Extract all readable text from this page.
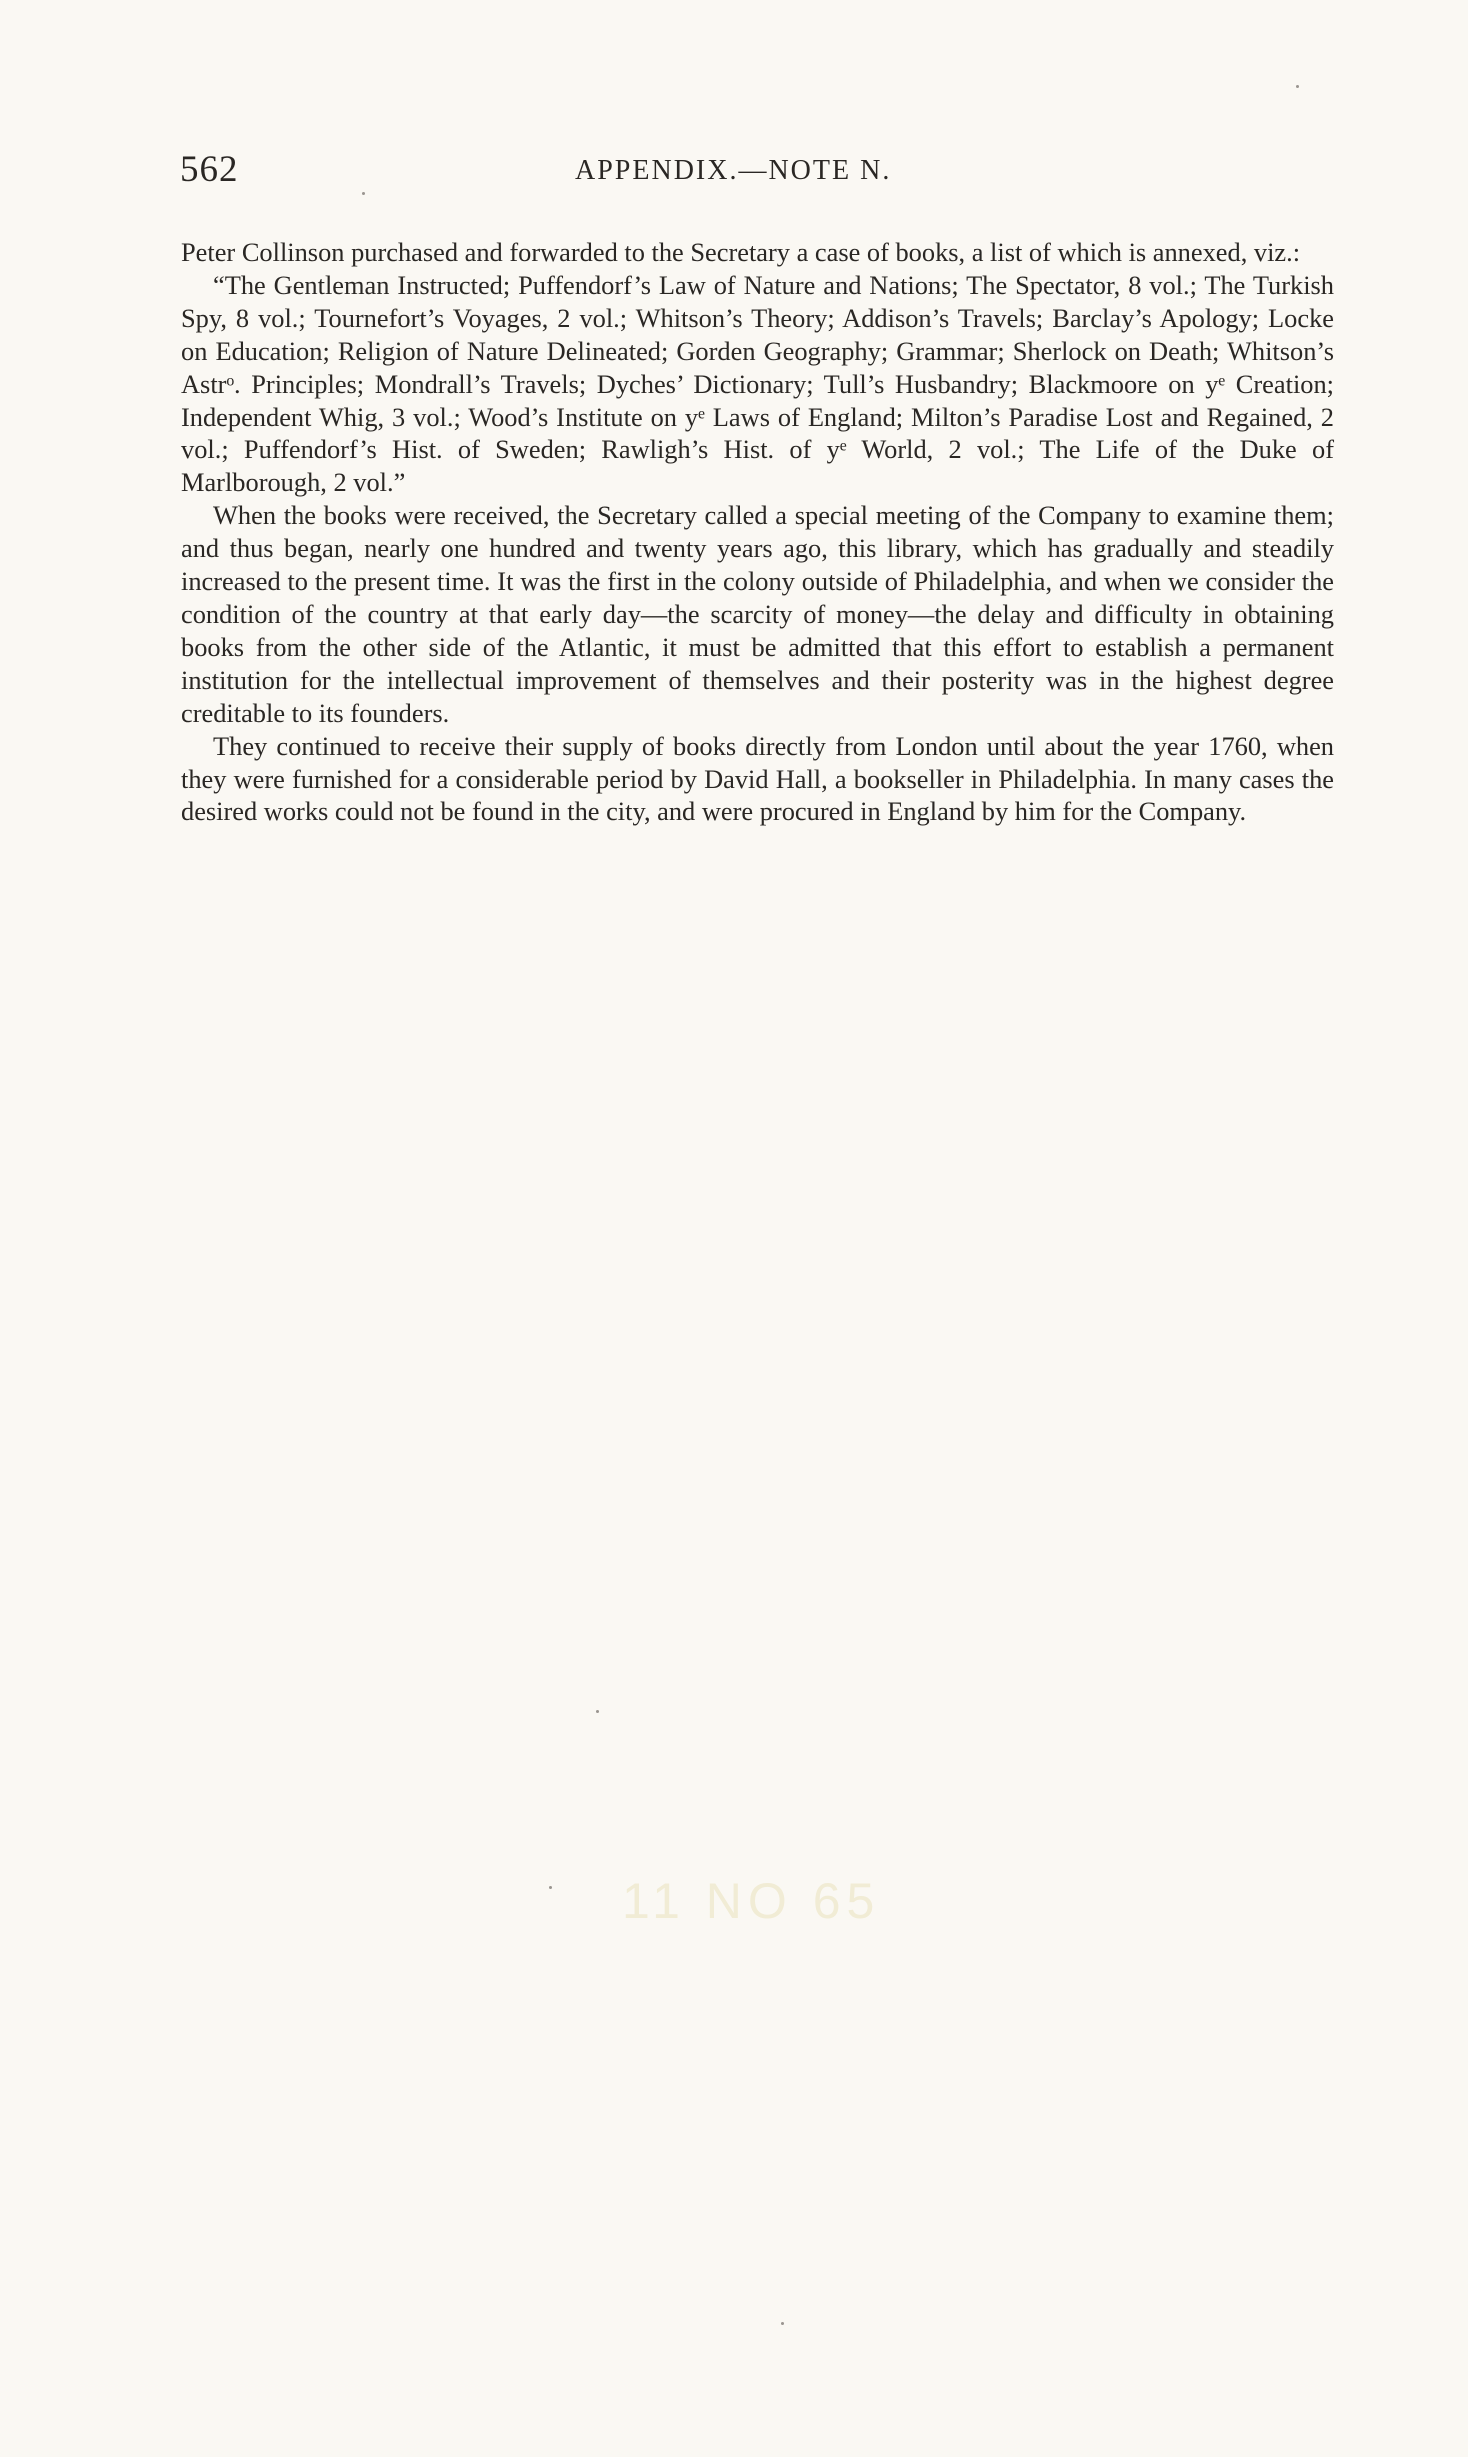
562	APPENDIX.—NOTE N.

Peter Collinson purchased and forwarded to the Secretary a case of books, a list of which is annexed, viz.:

“The Gentleman Instructed; Puffendorf’s Law of Nature and Nations; The Spectator, 8 vol.; The Turkish Spy, 8 vol.; Tournefort’s Voyages, 2 vol.; Whitson’s Theory; Addison’s Travels; Barclay’s Apology; Locke on Education; Religion of Nature Delineated; Gorden Geography; Grammar; Sherlock on Death; Whitson’s Astrᵒ. Principles; Mondrall’s Travels; Dyches’ Dictionary; Tull’s Husbandry; Blackmoore on yᵉ Creation; Independent Whig, 3 vol.; Wood’s Institute on yᵉ Laws of England; Milton’s Paradise Lost and Regained, 2 vol.; Puffendorf’s Hist. of Sweden; Rawligh’s Hist. of yᵉ World, 2 vol.; The Life of the Duke of Marlborough, 2 vol.”

When the books were received, the Secretary called a special meeting of the Company to examine them; and thus began, nearly one hundred and twenty years ago, this library, which has gradually and steadily increased to the present time. It was the first in the colony outside of Philadelphia, and when we consider the condition of the country at that early day—the scarcity of money—the delay and difficulty in obtaining books from the other side of the Atlantic, it must be admitted that this effort to establish a permanent institution for the intellectual improvement of themselves and their posterity was in the highest degree creditable to its founders.

They continued to receive their supply of books directly from London until about the year 1760, when they were furnished for a considerable period by David Hall, a bookseller in Philadelphia. In many cases the desired works could not be found in the city, and were procured in England by him for the Company.

11 NO 65
